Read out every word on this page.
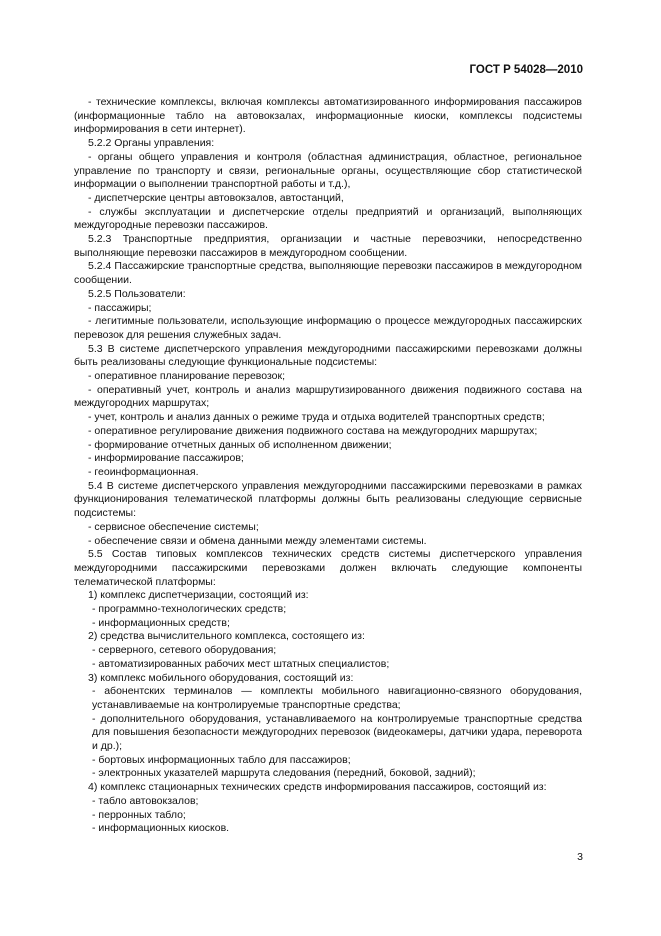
ГОСТ Р 54028—2010

- технические комплексы, включая комплексы автоматизированного информирования пассажиров (информационные табло на автовокзалах, информационные киоски, комплексы подсистемы информирования в сети интернет).

5.2.2 Органы управления:

- органы общего управления и контроля (областная администрация, областное, региональное управление по транспорту и связи, региональные органы, осуществляющие сбор статистической информации о выполнении транспортной работы и т.д.),

- диспетчерские центры автовокзалов, автостанций,

- службы эксплуатации и диспетчерские отделы предприятий и организаций, выполняющих междугородные перевозки пассажиров.

5.2.3 Транспортные предприятия, организации и частные перевозчики, непосредственно выполняющие перевозки пассажиров в междугородном сообщении.

5.2.4 Пассажирские транспортные средства, выполняющие перевозки пассажиров в междугородном сообщении.

5.2.5 Пользователи:

- пассажиры;

- легитимные пользователи, использующие информацию о процессе междугородных пассажирских перевозок для решения служебных задач.

5.3 В системе диспетчерского управления междугородними пассажирскими перевозками должны быть реализованы следующие функциональные подсистемы:

- оперативное планирование перевозок;

- оперативный учет, контроль и анализ маршрутизированного движения подвижного состава на междугородних маршрутах;

- учет, контроль и анализ данных о режиме труда и отдыха водителей транспортных средств;

- оперативное регулирование движения подвижного состава на междугородних маршрутах;

- формирование отчетных данных об исполненном движении;

- информирование пассажиров;

- геоинформационная.

5.4 В системе диспетчерского управления междугородними пассажирскими перевозками в рамках функционирования телематической платформы должны быть реализованы следующие сервисные подсистемы:

- сервисное обеспечение системы;

- обеспечение связи и обмена данными между элементами системы.

5.5 Состав типовых комплексов технических средств системы диспетчерского управления междугородними пассажирскими перевозками должен включать следующие компоненты телематической платформы:

1) комплекс диспетчеризации, состоящий из:

- программно-технологических средств;

- информационных средств;

2) средства вычислительного комплекса, состоящего из:

- серверного, сетевого оборудования;

- автоматизированных рабочих мест штатных специалистов;

3) комплекс мобильного оборудования, состоящий из:

- абонентских терминалов — комплекты мобильного навигационно-связного оборудования, устанавливаемые на контролируемые транспортные средства;

- дополнительного оборудования, устанавливаемого на контролируемые транспортные средства для повышения безопасности междугородних перевозок (видеокамеры, датчики удара, переворота и др.);

- бортовых информационных табло для пассажиров;

- электронных указателей маршрута следования (передний, боковой, задний);

4) комплекс стационарных технических средств информирования пассажиров, состоящий из:

- табло автовокзалов;

- перронных табло;

- информационных киосков.

3
